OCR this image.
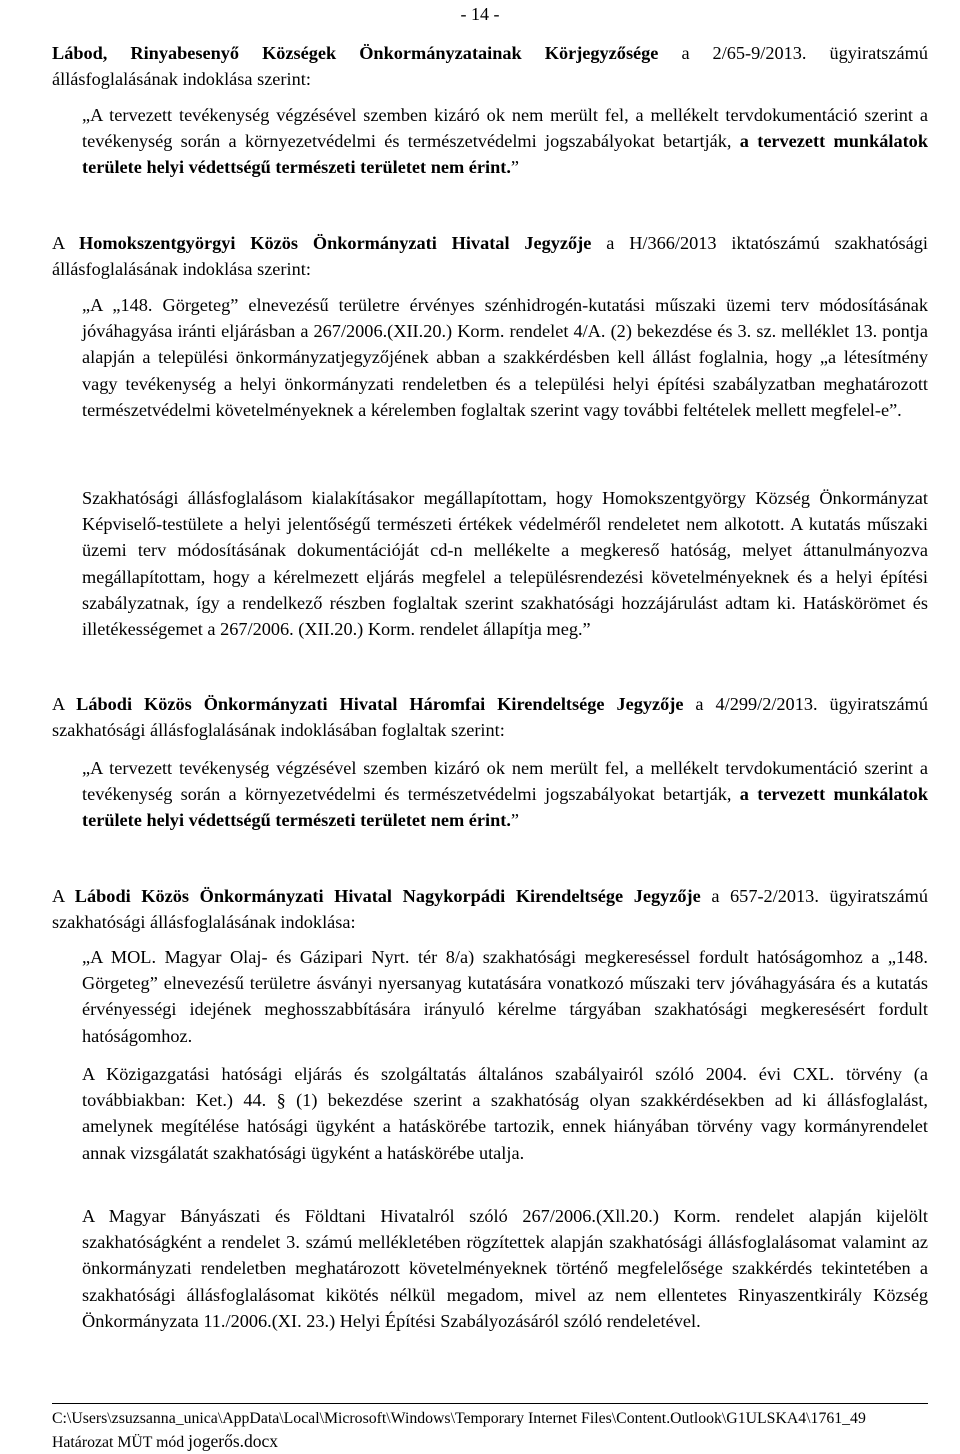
- 14 -
Lábod, Rinyabesenyő Községek Önkormányzatainak Körjegyzősége a 2/65-9/2013. ügyiratszámú állásfoglalásának indoklása szerint:
„A tervezett tevékenység végzésével szemben kizáró ok nem merült fel, a mellékelt tervdokumentáció szerint a tevékenység során a környezetvédelmi és természetvédelmi jogszabályokat betartják, a tervezett munkálatok területe helyi védettségű természeti területet nem érint.”
A Homokszentgyörgyi Közös Önkormányzati Hivatal Jegyzője a H/366/2013 iktatószámú szakhatósági állásfoglalásának indoklása szerint:
„A „148. Görgeteg” elnevezésű területre érvényes szénhidrogén-kutatási műszaki üzemi terv módosításának jóváhagyása iránti eljárásban a 267/2006.(XII.20.) Korm. rendelet 4/A. (2) bekezdése és 3. sz. melléklet 13. pontja alapján a települési önkormányzatjegyzőjének abban a szakkérdésben kell állást foglalnia, hogy „a létesítmény vagy tevékenység a helyi önkormányzati rendeletben és a települési helyi építési szabályzatban meghatározott természetvédelmi követelményeknek a kérelemben foglaltak szerint vagy további feltételek mellett megfelel-e”.
Szakhatósági állásfoglalásom kialakításakor megállapítottam, hogy Homokszentgyörgy Község Önkormányzat Képviselő-testülete a helyi jelentőségű természeti értékek védelméről rendeletet nem alkotott. A kutatás műszaki üzemi terv módosításának dokumentációját cd-n mellékelte a megkereső hatóság, melyet áttanulmányozva megállapítottam, hogy a kérelmezett eljárás megfelel a településrendezési követelményeknek és a helyi építési szabályzatnak, így a rendelkező részben foglaltak szerint szakhatósági hozzájárulást adtam ki. Hatáskörömet és illetékességemet a 267/2006. (XII.20.) Korm. rendelet állapítja meg.”
A Lábodi Közös Önkormányzati Hivatal Háromfai Kirendeltsége Jegyzője a 4/299/2/2013. ügyiratszámú szakhatósági állásfoglalásának indoklásában foglaltak szerint:
„A tervezett tevékenység végzésével szemben kizáró ok nem merült fel, a mellékelt tervdokumentáció szerint a tevékenység során a környezetvédelmi és természetvédelmi jogszabályokat betartják, a tervezett munkálatok területe helyi védettségű természeti területet nem érint.”
A Lábodi Közös Önkormányzati Hivatal Nagykorpádi Kirendeltsége Jegyzője a 657-2/2013. ügyiratszámú szakhatósági állásfoglalásának indoklása:
„A MOL. Magyar Olaj- és Gázipari Nyrt. tér 8/a) szakhatósági megkereséssel fordult hatóságomhoz a „148. Görgeteg” elnevezésű területre ásványi nyersanyag kutatására vonatkozó műszaki terv jóváhagyására és a kutatás érvényességi idejének meghosszabbítására irányuló kérelme tárgyában szakhatósági megkeresésért fordult hatóságomhoz.
A Közigazgatási hatósági eljárás és szolgáltatás általános szabályairól szóló 2004. évi CXL. törvény (a továbbiakban: Ket.) 44. § (1) bekezdése szerint a szakhatóság olyan szakkérdésekben ad ki állásfoglalást, amelynek megítélése hatósági ügyként a hatáskörébe tartozik, ennek hiányában törvény vagy kormányrendelet annak vizsgálatát szakhatósági ügyként a hatáskörébe utalja.
A Magyar Bányászati és Földtani Hivatalról szóló 267/2006.(Xll.20.) Korm. rendelet alapján kijelölt szakhatóságként a rendelet 3. számú mellékletében rögzítettek alapján szakhatósági állásfoglalásomat valamint az önkormányzati rendeletben meghatározott követelményeknek történő megfelelősége szakkérdés tekintetében a szakhatósági állásfoglalásomat kikötés nélkül megadom, mivel az nem ellentetes Rinyaszentkirály Község Önkormányzata 11./2006.(XI. 23.) Helyi Építési Szabályozásáról szóló rendeletével.
C:\Users\zsuzsanna_unica\AppData\Local\Microsoft\Windows\Temporary Internet Files\Content.Outlook\G1ULSKA4\1761_49 Határozat MÜT mód jogerős.docx
